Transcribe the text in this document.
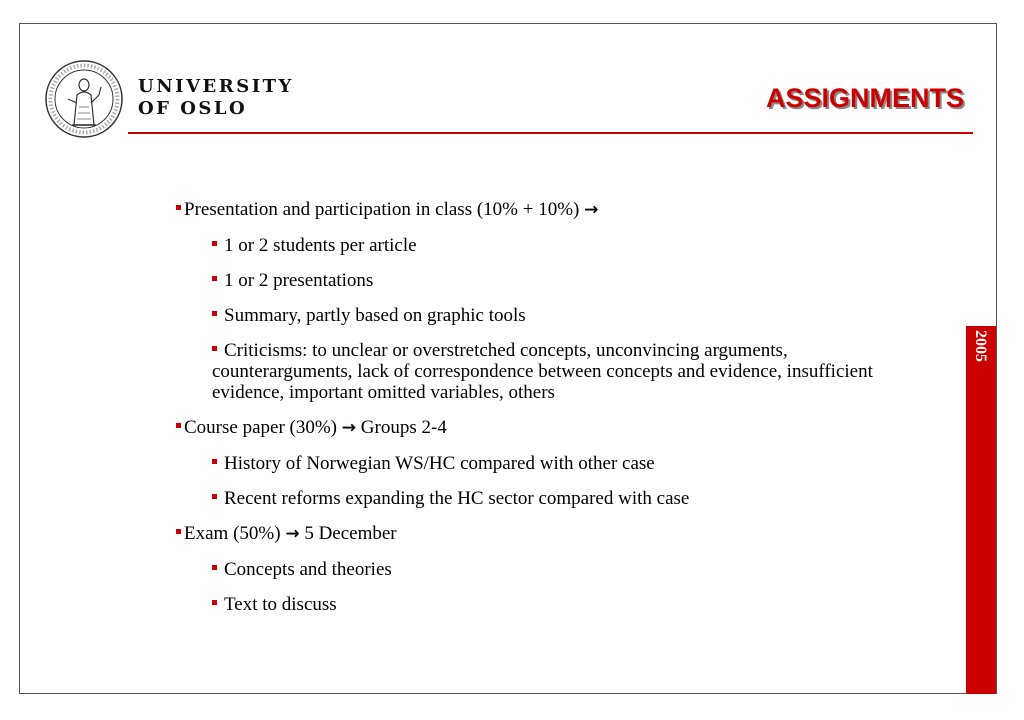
UNIVERSITY
OF OSLO	ASSIGNMENTS
2005
Presentation and participation in class (10% + 10%) →
1 or 2 students per article
1 or 2 presentations
Summary, partly based on graphic tools
Criticisms: to unclear or overstretched concepts, unconvincing arguments, counterarguments, lack of correspondence between concepts and evidence, insufficient evidence, important omitted variables, others
Course paper (30%) → Groups 2-4
History of Norwegian WS/HC compared with other case
Recent reforms expanding the HC sector compared with case
Exam (50%) → 5 December
Concepts and theories
Text to discuss
